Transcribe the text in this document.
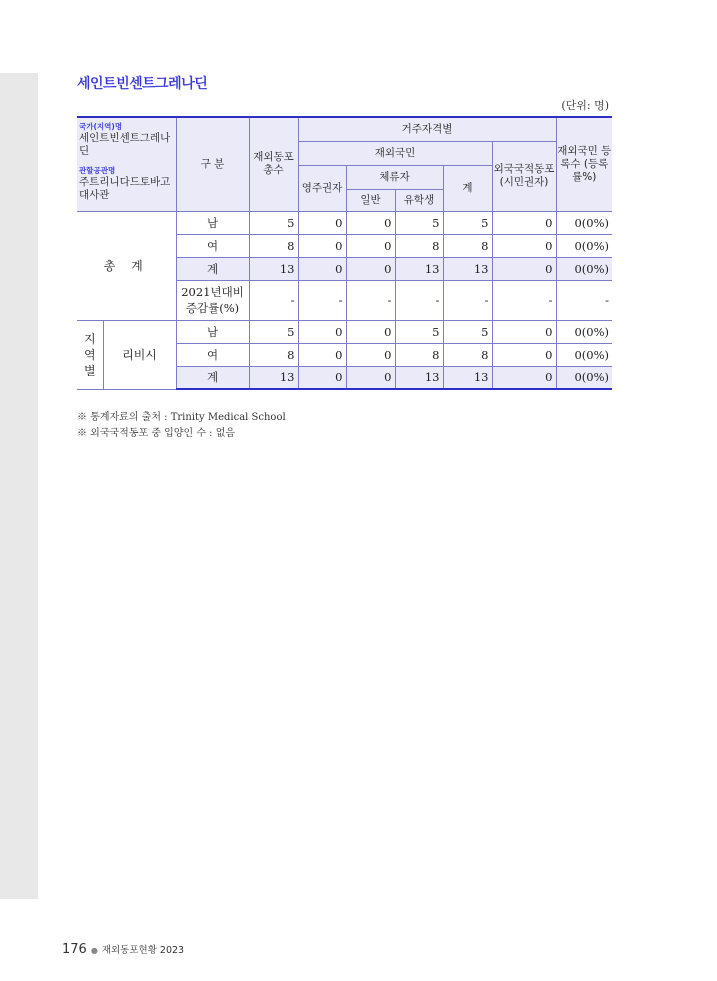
세인트빈센트그레나딘
(단위: 명)
국가(지역)명
세인트빈센트그레나딘
관할공관명
주트리니다드토바고 대사관		구 분	재외동포 총수	거주자격별					재외국민 등록수 (등록률%)
				재외국민				외국국적동포 (시민권자)	
				영주권자	체류자		계		
					일반	유학생			
총 계		남	5	0	0	5	5	0	0(0%)
		여	8	0	0	8	8	0	0(0%)
		계	13	0	0	13	13	0	0(0%)
		2021년대비 증감률(%)	-	-	-	-	-	-	-
지 역 별	리비시	남	5	0	0	5	5	0	0(0%)
		여	8	0	0	8	8	0	0(0%)
		계	13	0	0	13	13	0	0(0%)
※ 통계자료의 출처 : Trinity Medical School
※ 외국국적동포 중 입양인 수 : 없음
176 ● 재외동포현황 2023
